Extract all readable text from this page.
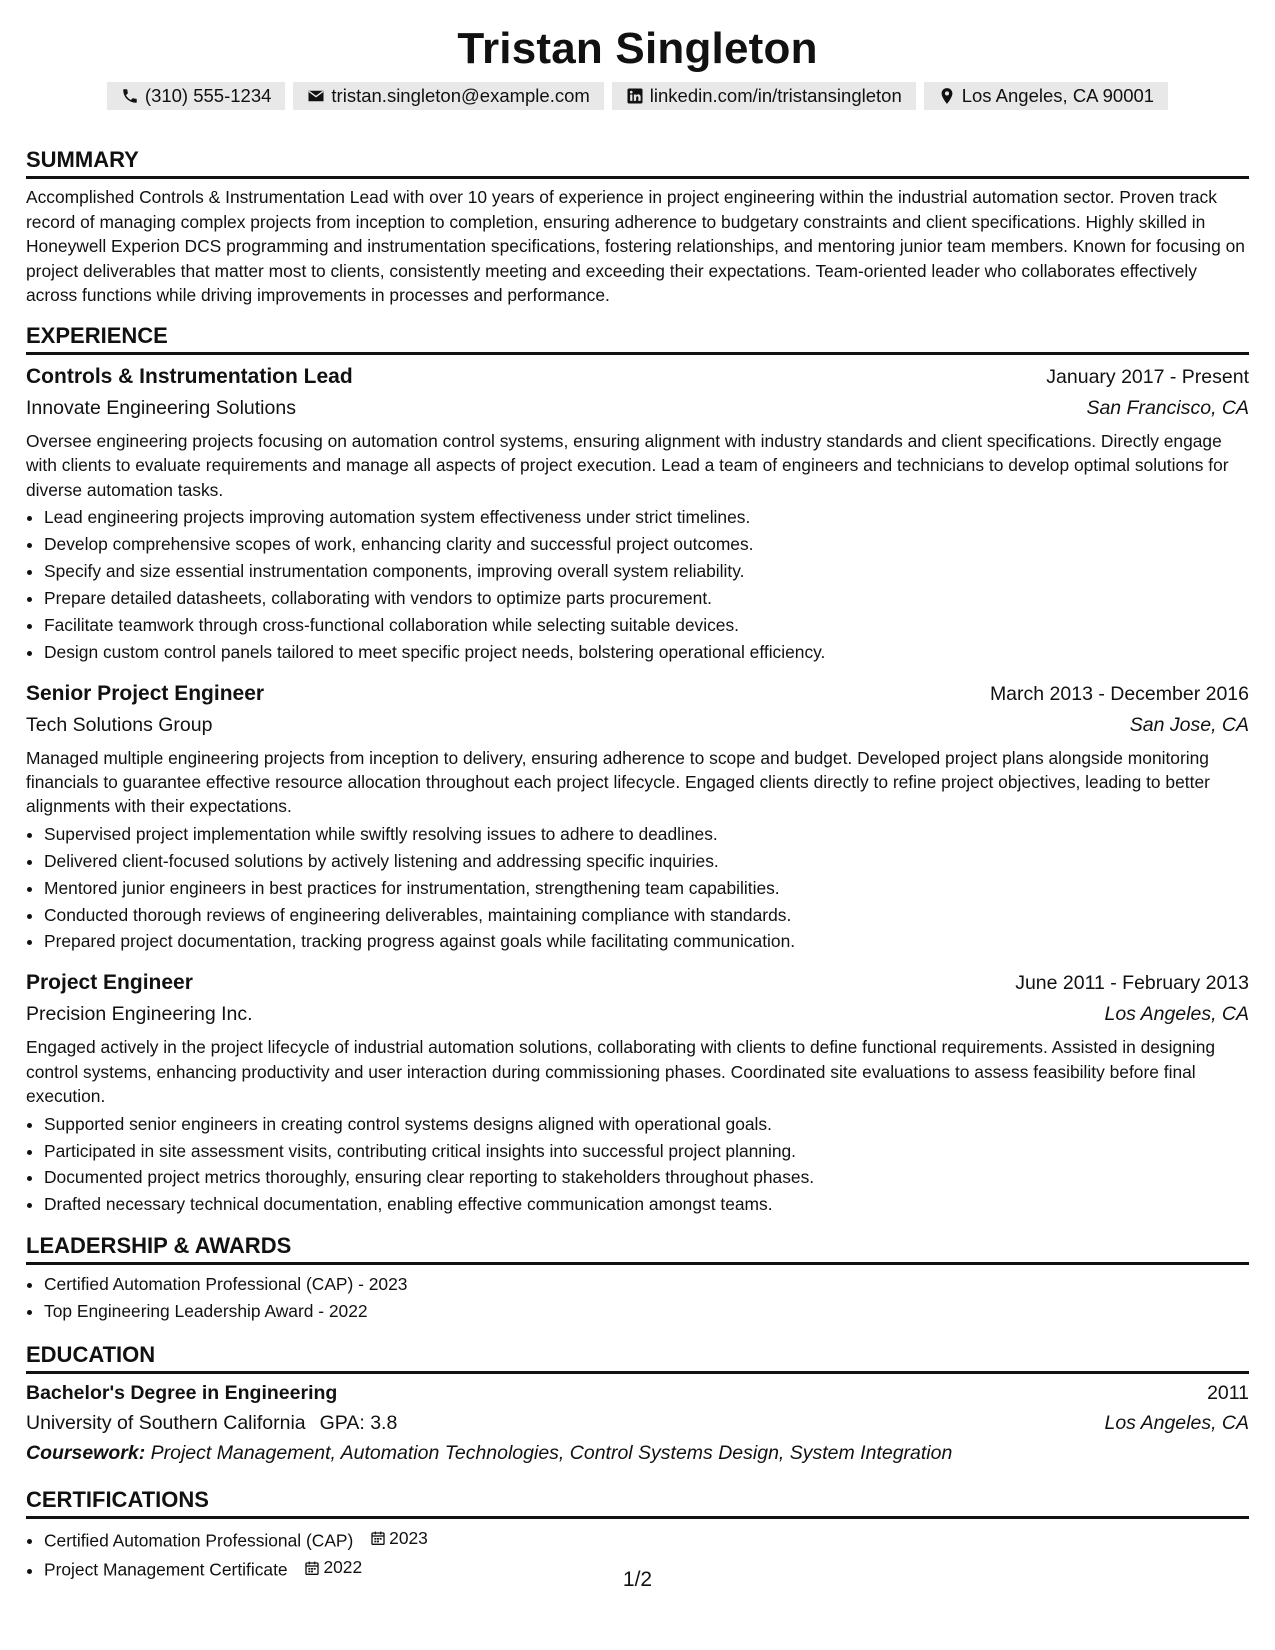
Tristan Singleton
(310) 555-1234	tristan.singleton@example.com	linkedin.com/in/tristansingleton	Los Angeles, CA 90001
SUMMARY
Accomplished Controls & Instrumentation Lead with over 10 years of experience in project engineering within the industrial automation sector. Proven track record of managing complex projects from inception to completion, ensuring adherence to budgetary constraints and client specifications. Highly skilled in Honeywell Experion DCS programming and instrumentation specifications, fostering relationships, and mentoring junior team members. Known for focusing on project deliverables that matter most to clients, consistently meeting and exceeding their expectations. Team-oriented leader who collaborates effectively across functions while driving improvements in processes and performance.
EXPERIENCE
Controls & Instrumentation Lead	January 2017 - Present
Innovate Engineering Solutions	San Francisco, CA
Oversee engineering projects focusing on automation control systems, ensuring alignment with industry standards and client specifications. Directly engage with clients to evaluate requirements and manage all aspects of project execution. Lead a team of engineers and technicians to develop optimal solutions for diverse automation tasks.
• Lead engineering projects improving automation system effectiveness under strict timelines.
• Develop comprehensive scopes of work, enhancing clarity and successful project outcomes.
• Specify and size essential instrumentation components, improving overall system reliability.
• Prepare detailed datasheets, collaborating with vendors to optimize parts procurement.
• Facilitate teamwork through cross-functional collaboration while selecting suitable devices.
• Design custom control panels tailored to meet specific project needs, bolstering operational efficiency.
Senior Project Engineer	March 2013 - December 2016
Tech Solutions Group	San Jose, CA
Managed multiple engineering projects from inception to delivery, ensuring adherence to scope and budget. Developed project plans alongside monitoring financials to guarantee effective resource allocation throughout each project lifecycle. Engaged clients directly to refine project objectives, leading to better alignments with their expectations.
• Supervised project implementation while swiftly resolving issues to adhere to deadlines.
• Delivered client-focused solutions by actively listening and addressing specific inquiries.
• Mentored junior engineers in best practices for instrumentation, strengthening team capabilities.
• Conducted thorough reviews of engineering deliverables, maintaining compliance with standards.
• Prepared project documentation, tracking progress against goals while facilitating communication.
Project Engineer	June 2011 - February 2013
Precision Engineering Inc.	Los Angeles, CA
Engaged actively in the project lifecycle of industrial automation solutions, collaborating with clients to define functional requirements. Assisted in designing control systems, enhancing productivity and user interaction during commissioning phases. Coordinated site evaluations to assess feasibility before final execution.
• Supported senior engineers in creating control systems designs aligned with operational goals.
• Participated in site assessment visits, contributing critical insights into successful project planning.
• Documented project metrics thoroughly, ensuring clear reporting to stakeholders throughout phases.
• Drafted necessary technical documentation, enabling effective communication amongst teams.
LEADERSHIP & AWARDS
• Certified Automation Professional (CAP) - 2023
• Top Engineering Leadership Award - 2022
EDUCATION
Bachelor's Degree in Engineering	2011
University of Southern California GPA: 3.8	Los Angeles, CA
Coursework: Project Management, Automation Technologies, Control Systems Design, System Integration
CERTIFICATIONS
• Certified Automation Professional (CAP) 2023
• Project Management Certificate 2022
1/2
